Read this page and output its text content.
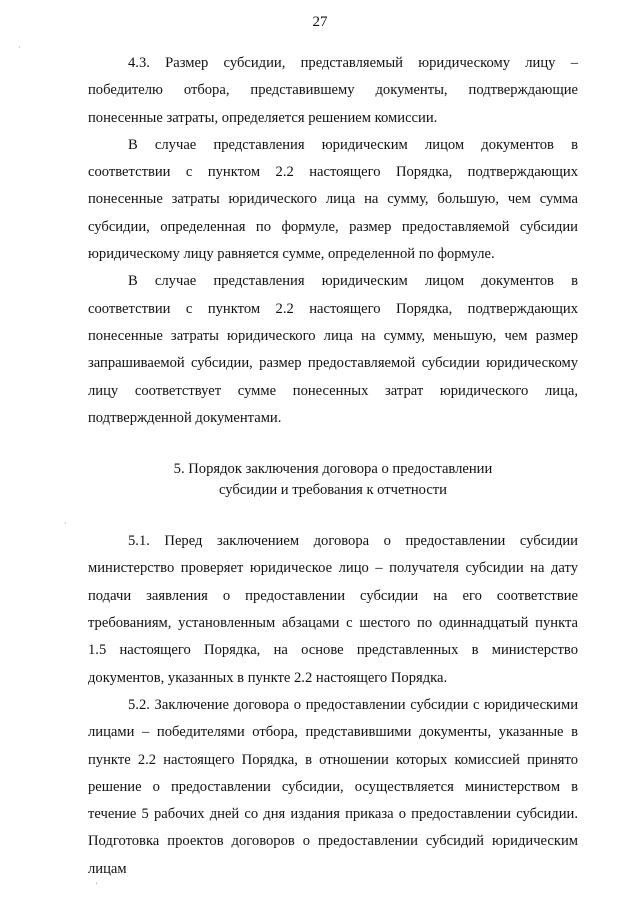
27

4.3. Размер субсидии, представляемый юридическому лицу – победителю отбора, представившему документы, подтверждающие понесенные затраты, определяется решением комиссии.

В случае представления юридическим лицом документов в соответствии с пунктом 2.2 настоящего Порядка, подтверждающих понесенные затраты юридического лица на сумму, большую, чем сумма субсидии, определенная по формуле, размер предоставляемой субсидии юридическому лицу равняется сумме, определенной по формуле.

В случае представления юридическим лицом документов в соответствии с пунктом 2.2 настоящего Порядка, подтверждающих понесенные затраты юридического лица на сумму, меньшую, чем размер запрашиваемой субсидии, размер предоставляемой субсидии юридическому лицу соответствует сумме понесенных затрат юридического лица, подтвержденной документами.

5. Порядок заключения договора о предоставлении
субсидии и требования к отчетности

5.1. Перед заключением договора о предоставлении субсидии министерство проверяет юридическое лицо – получателя субсидии на дату подачи заявления о предоставлении субсидии на его соответствие требованиям, установленным абзацами с шестого по одиннадцатый пункта 1.5 настоящего Порядка, на основе представленных в министерство документов, указанных в пункте 2.2 настоящего Порядка.

5.2. Заключение договора о предоставлении субсидии с юридическими лицами – победителями отбора, представившими документы, указанные в пункте 2.2 настоящего Порядка, в отношении которых комиссией принято решение о предоставлении субсидии, осуществляется министерством в течение 5 рабочих дней со дня издания приказа о предоставлении субсидии. Подготовка проектов договоров о предоставлении субсидий юридическим лицам

·
·
'
